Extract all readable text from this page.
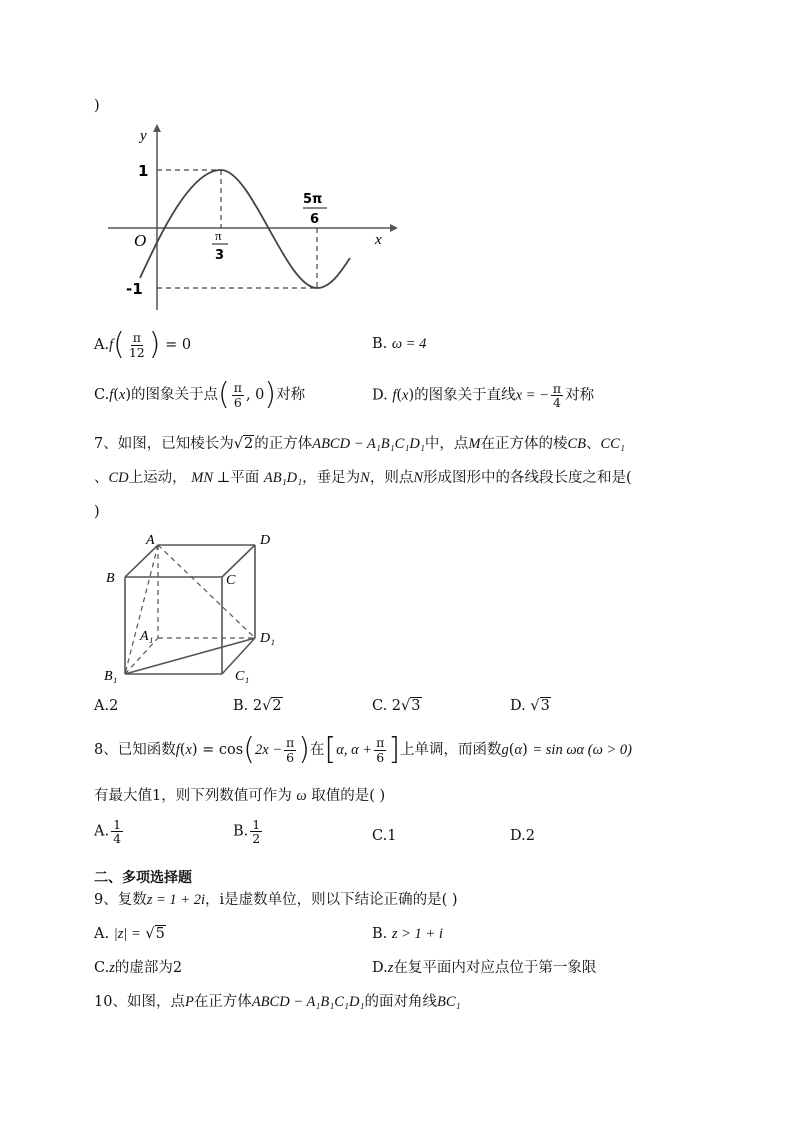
)
y
x
O
1
-1
π
3
5π
6
$A.f( \frac{\pi}{12}$ ) = 0	B. ω = 4
C.f(x)的图象关于点( $\frac{\pi}{6}$ , 0)对称	D. f(x)的图象关于直线x = − $\frac{\pi}{4}$ 对称
7、如图，已知棱长为√2的正方体ABCD − A₁B₁C₁D₁中，点M在正方体的棱CB、CC₁
、CD上运动， MN ⊥平面 AB₁D₁，垂足为N，则点N形成图形中的各线段长度之和是(
)
A	D
B	C
A₁	D₁
B₁	C₁
A.2	B. 2√2	C. 2√3	D. √3
8、已知函数$f(x) = \cos(2x - \frac{\pi}{6}$ )在[α, $\alpha + \frac{\pi}{6}$ ]上单调，而函数g(α) = sin ωα (ω > 0)
有最大值1，则下列数值可作为 ω 取值的是( )
A. $\frac{1}{4}$	B. $\frac{1}{2}$	C.1	D.2
二、多项选择题
9、复数z = 1 + 2i，i是虚数单位，则以下结论正确的是( )
A. |z| = √5	B. z > 1 + i
C.z的虚部为2	D.z在复平面内对应点位于第一象限
10、如图，点P在正方体ABCD − A₁B₁C₁D₁的面对角线BC₁
